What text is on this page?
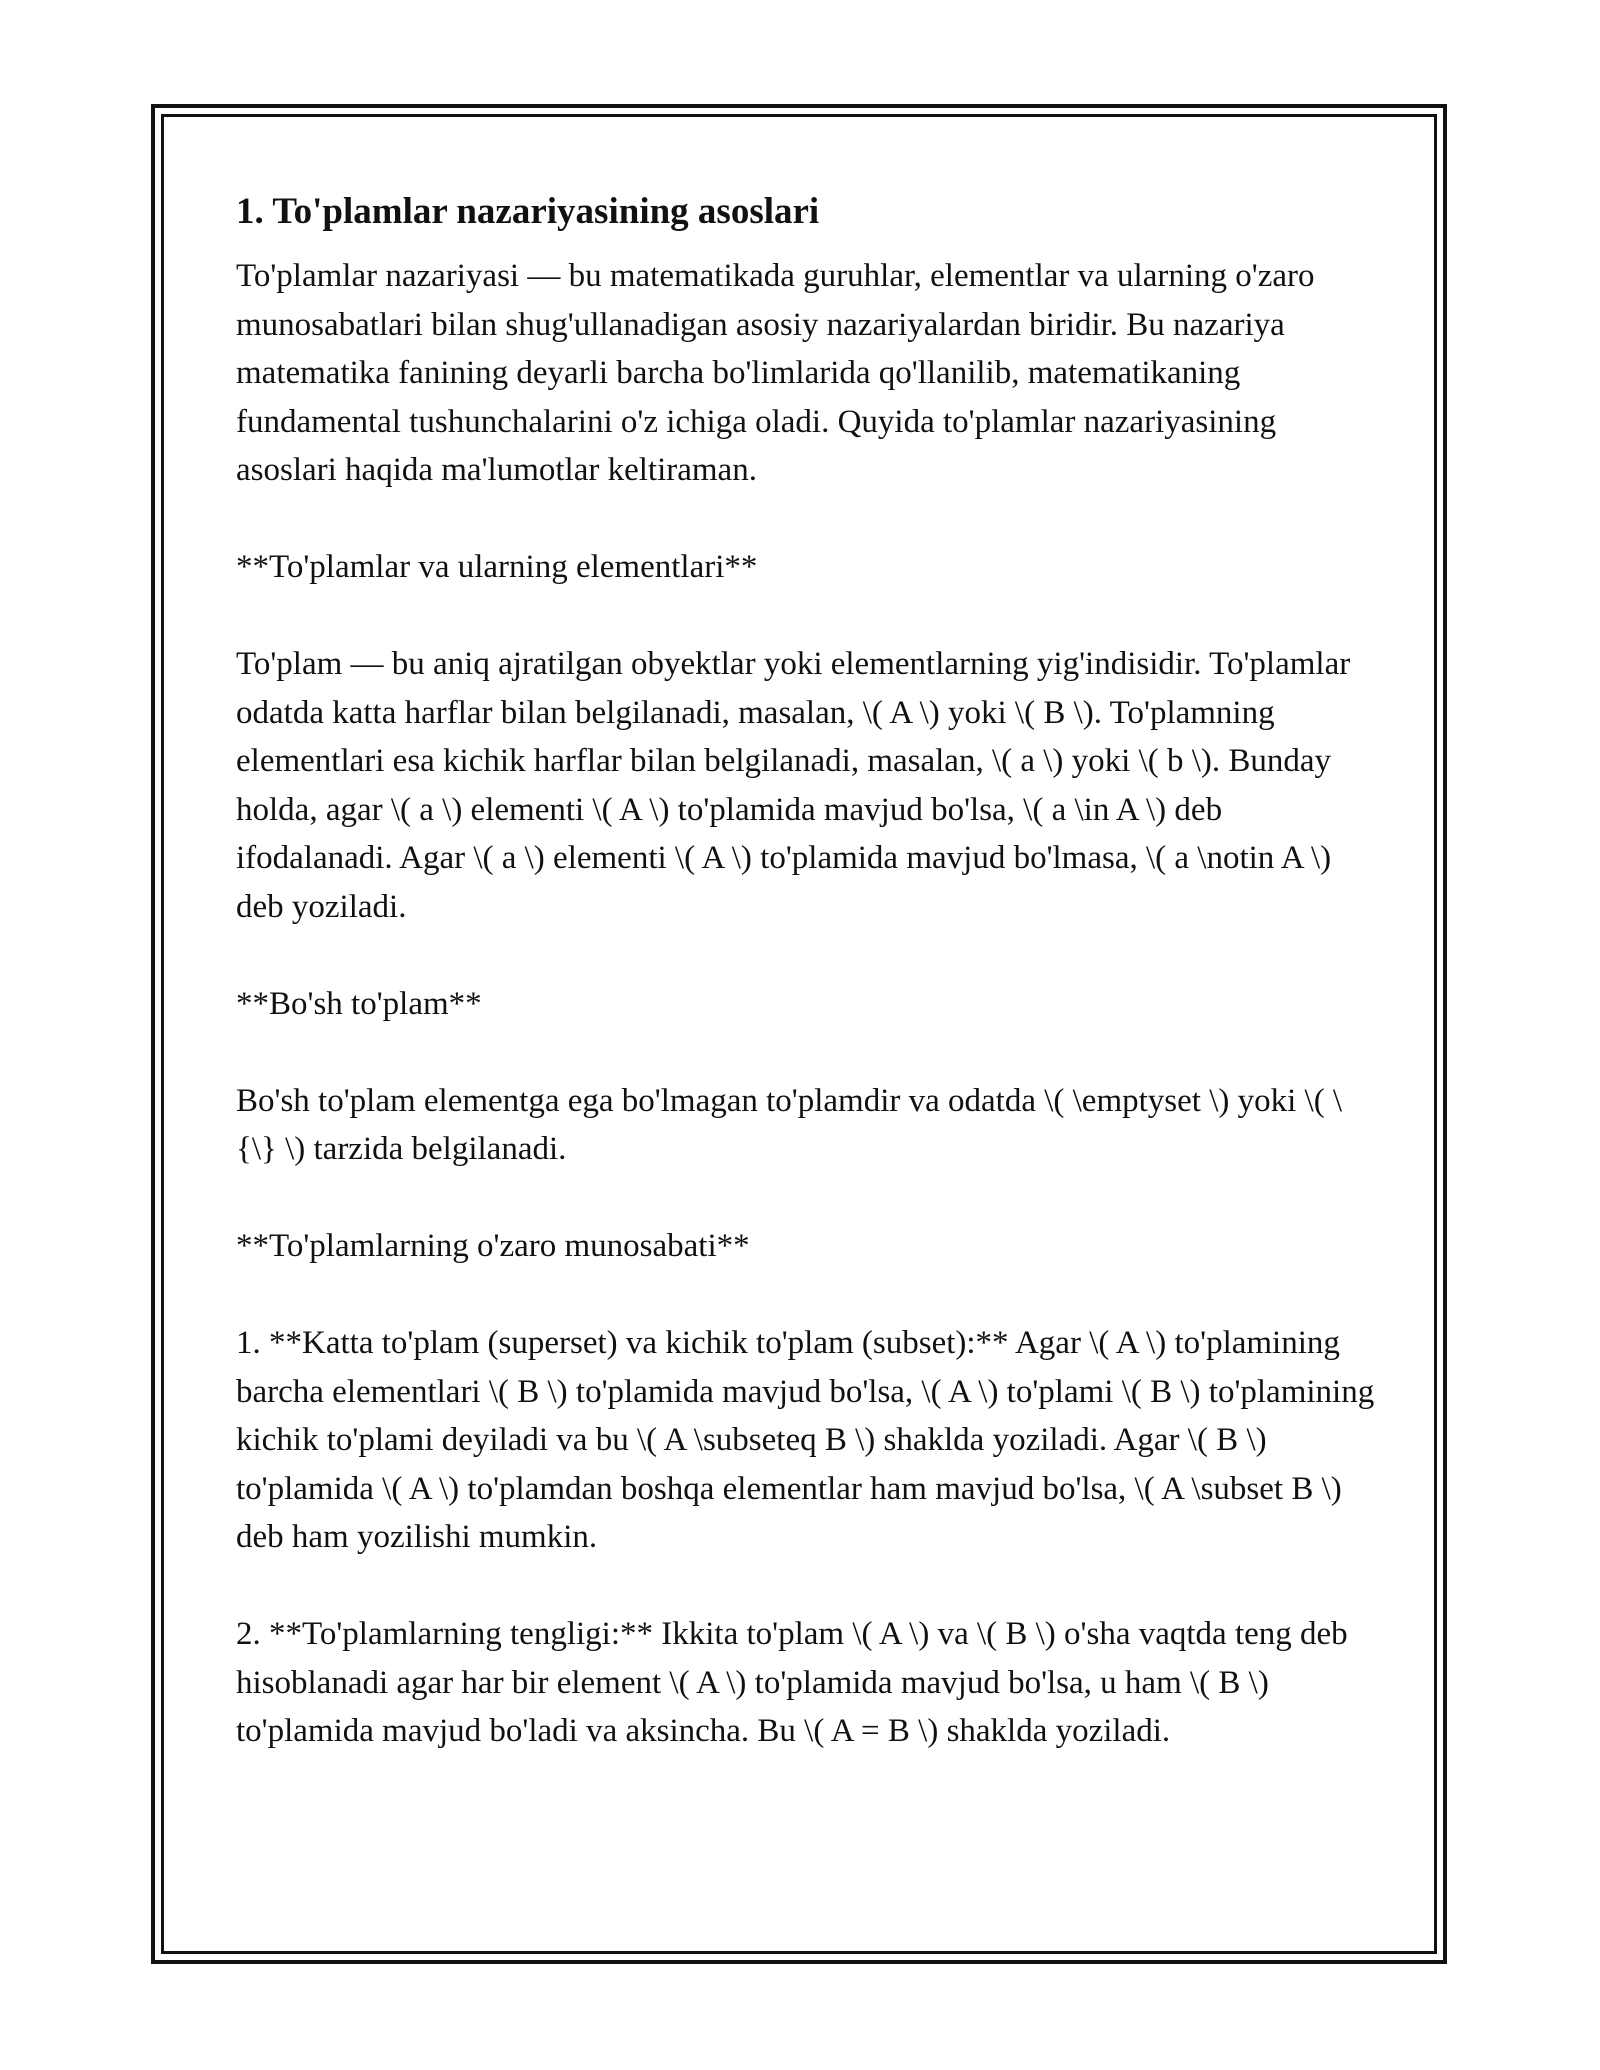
1. To'plamlar nazariyasining asoslari

To'plamlar nazariyasi — bu matematikada guruhlar, elementlar va ularning o'zaro munosabatlari bilan shug'ullanadigan asosiy nazariyalardan biridir. Bu nazariya matematika fanining deyarli barcha bo'limlarida qo'llanilib, matematikaning fundamental tushunchalarini o'z ichiga oladi. Quyida to'plamlar nazariyasining asoslari haqida ma'lumotlar keltiraman.

**To'plamlar va ularning elementlari**

To'plam — bu aniq ajratilgan obyektlar yoki elementlarning yig'indisidir. To'plamlar odatda katta harflar bilan belgilanadi, masalan, \( A \) yoki \( B \). To'plamning elementlari esa kichik harflar bilan belgilanadi, masalan, \( a \) yoki \( b \). Bunday holda, agar \( a \) elementi \( A \) to'plamida mavjud bo'lsa, \( a \in A \) deb ifodalanadi. Agar \( a \) elementi \( A \) to'plamida mavjud bo'lmasa, \( a \notin A \) deb yoziladi.

**Bo'sh to'plam**

Bo'sh to'plam elementga ega bo'lmagan to'plamdir va odatda \( \emptyset \) yoki \( \{\} \) tarzida belgilanadi.

**To'plamlarning o'zaro munosabati**

1. **Katta to'plam (superset) va kichik to'plam (subset):** Agar \( A \) to'plamining barcha elementlari \( B \) to'plamida mavjud bo'lsa, \( A \) to'plami \( B \) to'plamining kichik to'plami deyiladi va bu \( A \subseteq B \) shaklda yoziladi. Agar \( B \) to'plamida \( A \) to'plamdan boshqa elementlar ham mavjud bo'lsa, \( A \subset B \) deb ham yozilishi mumkin.

2. **To'plamlarning tengligi:** Ikkita to'plam \( A \) va \( B \) o'sha vaqtda teng deb hisoblanadi agar har bir element \( A \) to'plamida mavjud bo'lsa, u ham \( B \) to'plamida mavjud bo'ladi va aksincha. Bu \( A = B \) shaklda yoziladi.
